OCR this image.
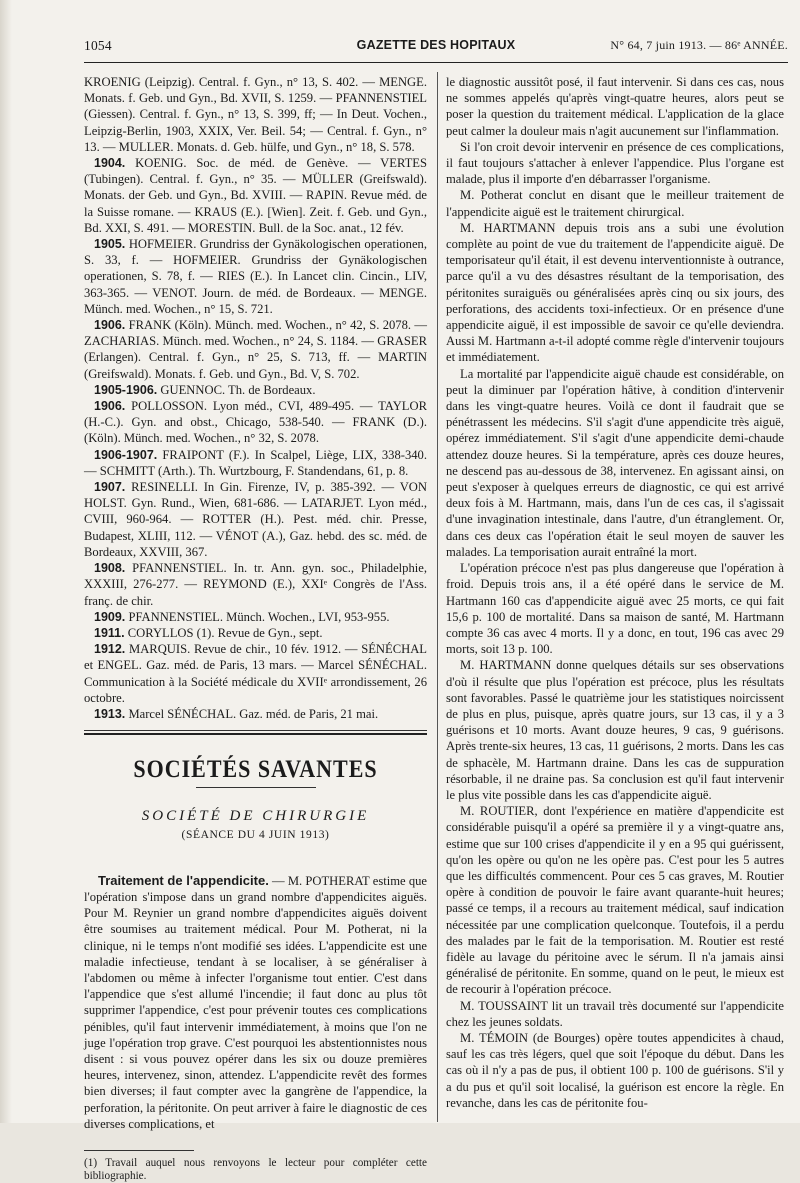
1054	GAZETTE DES HOPITAUX	N° 64, 7 juin 1913. — 86ᵉ ANNÉE.

KROENIG (Leipzig). Central. f. Gyn., n° 13, S. 402. — MENGE. Monats. f. Geb. und Gyn., Bd. XVII, S. 1259. — PFANNENSTIEL (Giessen). Central. f. Gyn., n° 13, S. 399, ff; — In Deut. Vochen., Leipzig-Berlin, 1903, XXIX, Ver. Beil. 54; — Central. f. Gyn., n° 13. — MULLER. Monats. d. Geb. hülfe, und Gyn., n° 18, S. 578.

1904. KOENIG. Soc. de méd. de Genève. — VERTES (Tubingen). Central. f. Gyn., n° 35. — MÜLLER (Greifswald). Monats. der Geb. und Gyn., Bd. XVIII. — RAPIN. Revue méd. de la Suisse romane. — KRAUS (E.). [Wien]. Zeit. f. Geb. und Gyn., Bd. XXI, S. 491. — MORESTIN. Bull. de la Soc. anat., 12 fév.

1905. HOFMEIER. Grundriss der Gynäkologischen operationen, S. 33, f. — HOFMEIER. Grundriss der Gynäkologischen operationen, S. 78, f. — RIES (E.). In Lancet clin. Cincin., LIV, 363-365. — VENOT. Journ. de méd. de Bordeaux. — MENGE. Münch. med. Wochen., n° 15, S. 721.

1906. FRANK (Köln). Münch. med. Wochen., n° 42, S. 2078. — ZACHARIAS. Münch. med. Wochen., n° 24, S. 1184. — GRASER (Erlangen). Central. f. Gyn., n° 25, S. 713, ff. — MARTIN (Greifswald). Monats. f. Geb. und Gyn., Bd. V, S. 702.

1905-1906. GUENNOC. Th. de Bordeaux.

1906. POLLOSSON. Lyon méd., CVI, 489-495. — TAYLOR (H.-C.). Gyn. and obst., Chicago, 538-540. — FRANK (D.). (Köln). Münch. med. Wochen., n° 32, S. 2078.

1906-1907. FRAIPONT (F.). In Scalpel, Liège, LIX, 338-340. — SCHMITT (Arth.). Th. Wurtzbourg, F. Standendans, 61, p. 8.

1907. RESINELLI. In Gin. Firenze, IV, p. 385-392. — VON HOLST. Gyn. Rund., Wien, 681-686. — LATARJET. Lyon méd., CVIII, 960-964. — ROTTER (H.). Pest. méd. chir. Presse, Budapest, XLIII, 112. — VÉNOT (A.), Gaz. hebd. des sc. méd. de Bordeaux, XXVIII, 367.

1908. PFANNENSTIEL. In. tr. Ann. gyn. soc., Philadelphie, XXXIII, 276-277. — REYMOND (E.), XXIᵉ Congrès de l'Ass. franç. de chir.

1909. PFANNENSTIEL. Münch. Wochen., LVI, 953-955.

1911. CORYLLOS (1). Revue de Gyn., sept.

1912. MARQUIS. Revue de chir., 10 fév. 1912. — SÉNÉCHAL et ENGEL. Gaz. méd. de Paris, 13 mars. — Marcel SÉNÉCHAL. Communication à la Société médicale du XVIIᵉ arrondissement, 26 octobre.

1913. Marcel SÉNÉCHAL. Gaz. méd. de Paris, 21 mai.

SOCIÉTÉS SAVANTES
SOCIÉTÉ DE CHIRURGIE
(SÉANCE DU 4 JUIN 1913)

Traitement de l'appendicite. — M. POTHERAT estime que l'opération s'impose dans un grand nombre d'appendicites aiguës. Pour M. Reynier un grand nombre d'appendicites aiguës doivent être soumises au traitement médical. Pour M. Potherat, ni la clinique, ni le temps n'ont modifié ses idées. L'appendicite est une maladie infectieuse, tendant à se localiser, à se généraliser à l'abdomen ou même à infecter l'organisme tout entier. C'est dans l'appendice que s'est allumé l'incendie; il faut donc au plus tôt supprimer l'appendice, c'est pour prévenir toutes ces complications pénibles, qu'il faut intervenir immédiatement, à moins que l'on ne juge l'opération trop grave. C'est pourquoi les abstentionnistes nous disent : si vous pouvez opérer dans les six ou douze premières heures, intervenez, sinon, attendez. L'appendicite revêt des formes bien diverses; il faut compter avec la gangrène de l'appendice, la perforation, la péritonite. On peut arriver à faire le diagnostic de ces diverses complications, et

(1) Travail auquel nous renvoyons le lecteur pour compléter cette bibliographie.

le diagnostic aussitôt posé, il faut intervenir. Si dans ces cas, nous ne sommes appelés qu'après vingt-quatre heures, alors peut se poser la question du traitement médical. L'application de la glace peut calmer la douleur mais n'agit aucunement sur l'inflammation.

Si l'on croit devoir intervenir en présence de ces complications, il faut toujours s'attacher à enlever l'appendice. Plus l'organe est malade, plus il importe d'en débarrasser l'organisme.

M. Potherat conclut en disant que le meilleur traitement de l'appendicite aiguë est le traitement chirurgical.

M. HARTMANN depuis trois ans a subi une évolution complète au point de vue du traitement de l'appendicite aiguë. De temporisateur qu'il était, il est devenu interventionniste à outrance, parce qu'il a vu des désastres résultant de la temporisation, des péritonites suraiguës ou généralisées après cinq ou six jours, des perforations, des accidents toxi-infectieux. Or en présence d'une appendicite aiguë, il est impossible de savoir ce qu'elle deviendra. Aussi M. Hartmann a-t-il adopté comme règle d'intervenir toujours et immédiatement.

La mortalité par l'appendicite aiguë chaude est considérable, on peut la diminuer par l'opération hâtive, à condition d'intervenir dans les vingt-quatre heures. Voilà ce dont il faudrait que se pénétrassent les médecins. S'il s'agit d'une appendicite très aiguë, opérez immédiatement. S'il s'agit d'une appendicite demi-chaude attendez douze heures. Si la température, après ces douze heures, ne descend pas au-dessous de 38, intervenez. En agissant ainsi, on peut s'exposer à quelques erreurs de diagnostic, ce qui est arrivé deux fois à M. Hartmann, mais, dans l'un de ces cas, il s'agissait d'une invagination intestinale, dans l'autre, d'un étranglement. Or, dans ces deux cas l'opération était le seul moyen de sauver les malades. La temporisation aurait entraîné la mort.

L'opération précoce n'est pas plus dangereuse que l'opération à froid. Depuis trois ans, il a été opéré dans le service de M. Hartmann 160 cas d'appendicite aiguë avec 25 morts, ce qui fait 15,6 p. 100 de mortalité. Dans sa maison de santé, M. Hartmann compte 36 cas avec 4 morts. Il y a donc, en tout, 196 cas avec 29 morts, soit 13 p. 100.

M. HARTMANN donne quelques détails sur ses observations d'où il résulte que plus l'opération est précoce, plus les résultats sont favorables. Passé le quatrième jour les statistiques noircissent de plus en plus, puisque, après quatre jours, sur 13 cas, il y a 3 guérisons et 10 morts. Avant douze heures, 9 cas, 9 guérisons. Après trente-six heures, 13 cas, 11 guérisons, 2 morts. Dans les cas de sphacèle, M. Hartmann draine. Dans les cas de suppuration résorbable, il ne draine pas. Sa conclusion est qu'il faut intervenir le plus vite possible dans les cas d'appendicite aiguë.

M. ROUTIER, dont l'expérience en matière d'appendicite est considérable puisqu'il a opéré sa première il y a vingt-quatre ans, estime que sur 100 crises d'appendicite il y en a 95 qui guérissent, qu'on les opère ou qu'on ne les opère pas. C'est pour les 5 autres que les difficultés commencent. Pour ces 5 cas graves, M. Routier opère à condition de pouvoir le faire avant quarante-huit heures; passé ce temps, il a recours au traitement médical, sauf indication nécessitée par une complication quelconque. Toutefois, il a perdu des malades par le fait de la temporisation. M. Routier est resté fidèle au lavage du péritoine avec le sérum. Il n'a jamais ainsi généralisé de péritonite. En somme, quand on le peut, le mieux est de recourir à l'opération précoce.

M. TOUSSAINT lit un travail très documenté sur l'appendicite chez les jeunes soldats.

M. TÉMOIN (de Bourges) opère toutes appendicites à chaud, sauf les cas très légers, quel que soit l'époque du début. Dans les cas où il n'y a pas de pus, il obtient 100 p. 100 de guérisons. S'il y a du pus et qu'il soit localisé, la guérison est encore la règle. En revanche, dans les cas de péritonite fou-
